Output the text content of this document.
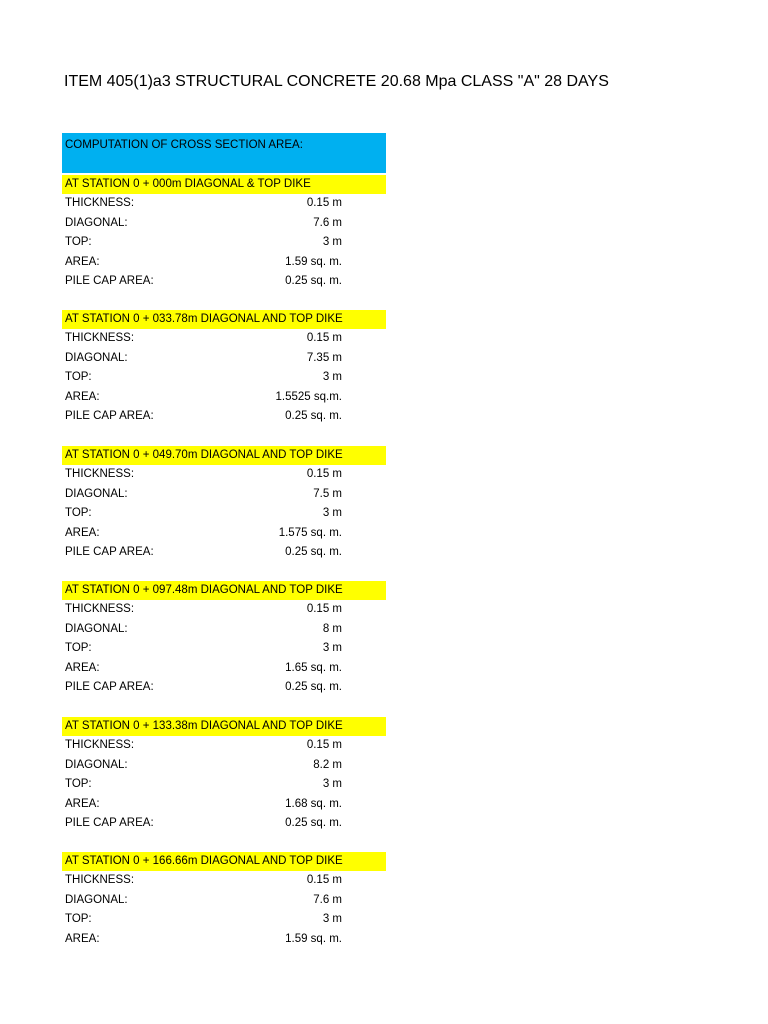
ITEM 405(1)a3 STRUCTURAL CONCRETE 20.68 Mpa CLASS "A" 28 DAYS
COMPUTATION OF CROSS SECTION AREA:
AT STATION 0 + 000m DIAGONAL & TOP DIKE
THICKNESS:	0.15 m
DIAGONAL:	7.6 m
TOP:	3 m
AREA:	1.59 sq. m.
PILE CAP AREA:	0.25 sq. m.
AT STATION 0 + 033.78m DIAGONAL AND TOP DIKE
THICKNESS:	0.15 m
DIAGONAL:	7.35 m
TOP:	3 m
AREA:	1.5525 sq.m.
PILE CAP AREA:	0.25 sq. m.
AT STATION 0 + 049.70m DIAGONAL AND TOP DIKE
THICKNESS:	0.15 m
DIAGONAL:	7.5 m
TOP:	3 m
AREA:	1.575 sq. m.
PILE CAP AREA:	0.25 sq. m.
AT STATION 0 + 097.48m DIAGONAL AND TOP DIKE
THICKNESS:	0.15 m
DIAGONAL:	8 m
TOP:	3 m
AREA:	1.65 sq. m.
PILE CAP AREA:	0.25 sq. m.
AT STATION 0 + 133.38m DIAGONAL AND TOP DIKE
THICKNESS:	0.15 m
DIAGONAL:	8.2 m
TOP:	3 m
AREA:	1.68 sq. m.
PILE CAP AREA:	0.25 sq. m.
AT STATION 0 + 166.66m DIAGONAL AND TOP DIKE
THICKNESS:	0.15 m
DIAGONAL:	7.6 m
TOP:	3 m
AREA:	1.59 sq. m.
